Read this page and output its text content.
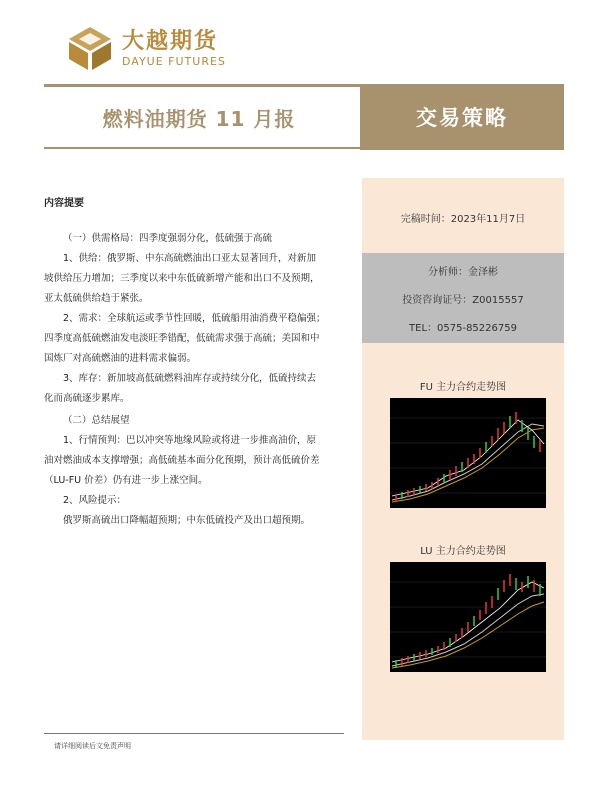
大越期货
DAYUE FUTURES
燃料油期货 11 月报	交易策略
内容提要
（一）供需格局：四季度强弱分化，低硫强于高硫
1、供给：俄罗斯、中东高硫燃油出口亚太显著回升，对新加
坡供给压力增加；三季度以来中东低硫新增产能和出口不及预期，
亚太低硫供给趋于紧张。
2、需求：全球航运或季节性回暖，低硫船用油消费平稳偏强；
四季度高低硫燃油发电淡旺季错配，低硫需求强于高硫；美国和中
国炼厂对高硫燃油的进料需求偏弱。
3、库存：新加坡高低硫燃料油库存或持续分化，低硫持续去
化而高硫逐步累库。
（二）总结展望
1、行情预判：巴以冲突等地缘风险或将进一步推高油价，原
油对燃油成本支撑增强；高低硫基本面分化预期，预计高低硫价差
（LU-FU 价差）仍有进一步上涨空间。
2、风险提示：
俄罗斯高硫出口降幅超预期；中东低硫投产及出口超预期。
完稿时间：2023年11月7日
分析师：金泽彬
投资咨询证号：Z0015557
TEL：0575-85226759
FU 主力合约走势图
LU 主力合约走势图
请详细阅读后文免责声明
